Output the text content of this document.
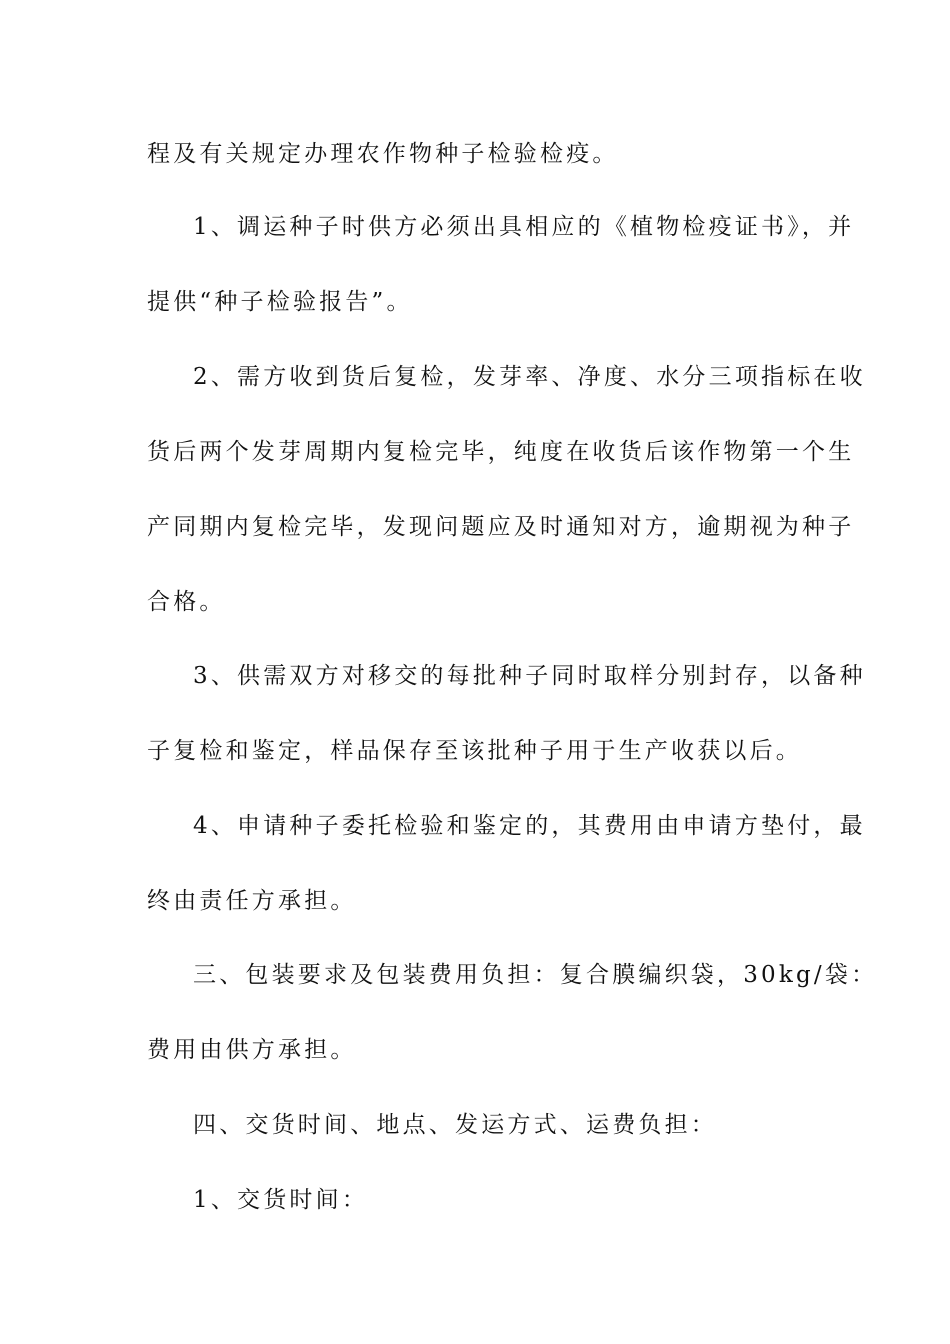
程及有关规定办理农作物种子检验检疫。
1、调运种子时供方必须出具相应的《植物检疫证书》，并
提供“种子检验报告”。
2、需方收到货后复检，发芽率、净度、水分三项指标在收
货后两个发芽周期内复检完毕，纯度在收货后该作物第一个生
产同期内复检完毕，发现问题应及时通知对方，逾期视为种子
合格。
3、供需双方对移交的每批种子同时取样分别封存，以备种
子复检和鉴定，样品保存至该批种子用于生产收获以后。
4、申请种子委托检验和鉴定的，其费用由申请方垫付，最
终由责任方承担。
三、包装要求及包装费用负担：复合膜编织袋，30kg/袋：
费用由供方承担。
四、交货时间、地点、发运方式、运费负担：
1、交货时间：
